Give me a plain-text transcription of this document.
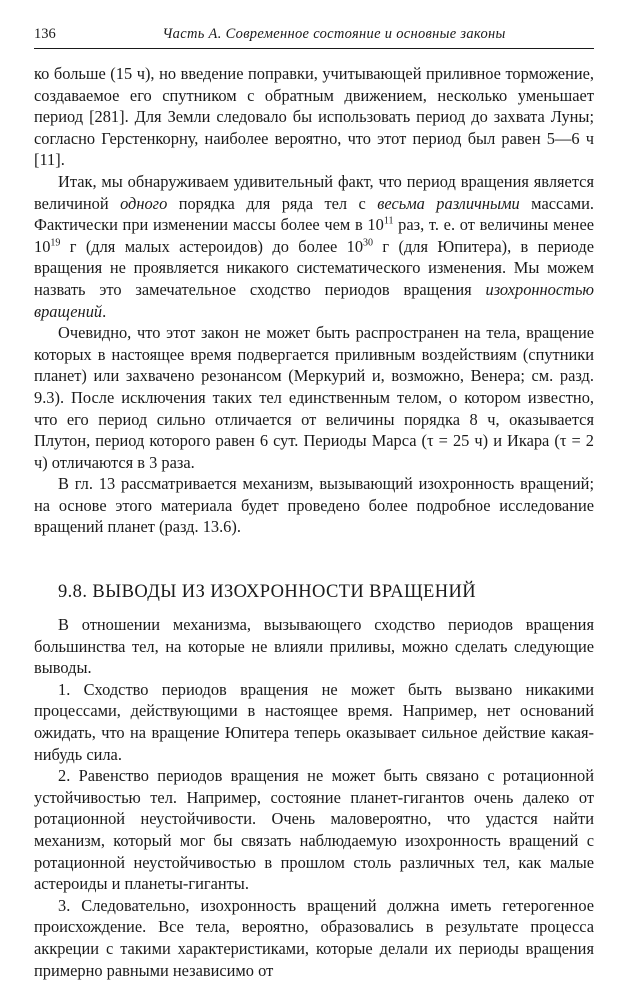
136	Часть А. Современное состояние и основные законы

ко больше (15 ч), но введение поправки, учитывающей приливное торможение, создаваемое его спутником с обратным движением, несколько уменьшает период [281]. Для Земли следовало бы использовать период до захвата Луны; согласно Герстенкорну, наиболее вероятно, что этот период был равен 5—6 ч [11].

Итак, мы обнаруживаем удивительный факт, что период вращения является величиной одного порядка для ряда тел с весьма различными массами. Фактически при изменении массы более чем в $10^{11}$ раз, т. е. от величины менее $10^{19}$ г (для малых астероидов) до более $10^{30}$ г (для Юпитера), в периоде вращения не проявляется никакого систематического изменения. Мы можем назвать это замечательное сходство периодов вращения изохронностью вращений.

Очевидно, что этот закон не может быть распространен на тела, вращение которых в настоящее время подвергается приливным воздействиям (спутники планет) или захвачено резонансом (Меркурий и, возможно, Венера; см. разд. 9.3). После исключения таких тел единственным телом, о котором известно, что его период сильно отличается от величины порядка 8 ч, оказывается Плутон, период которого равен 6 сут. Периоды Марса (τ = 25 ч) и Икара (τ = 2 ч) отличаются в 3 раза.

В гл. 13 рассматривается механизм, вызывающий изохронность вращений; на основе этого материала будет проведено более подробное исследование вращений планет (разд. 13.6).

9.8. ВЫВОДЫ ИЗ ИЗОХРОННОСТИ ВРАЩЕНИЙ

В отношении механизма, вызывающего сходство периодов вращения большинства тел, на которые не влияли приливы, можно сделать следующие выводы.

1. Сходство периодов вращения не может быть вызвано никакими процессами, действующими в настоящее время. Например, нет оснований ожидать, что на вращение Юпитера теперь оказывает сильное действие какая-нибудь сила.

2. Равенство периодов вращения не может быть связано с ротационной устойчивостью тел. Например, состояние планет-гигантов очень далеко от ротационной неустойчивости. Очень маловероятно, что удастся найти механизм, который мог бы связать наблюдаемую изохронность вращений с ротационной неустойчивостью в прошлом столь различных тел, как малые астероиды и планеты-гиганты.

3. Следовательно, изохронность вращений должна иметь гетерогенное происхождение. Все тела, вероятно, образовались в результате процесса аккреции с такими характеристиками, которые делали их периоды вращения примерно равными независимо от
